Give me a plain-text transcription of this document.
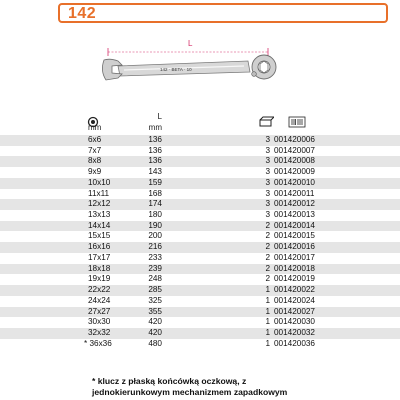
142
L
142 · BETA · 10
L
mm	mm
6x6	136	3 001420006
7x7	136	3 001420007
8x8	136	3 001420008
9x9	143	3 001420009
10x10	159	3 001420010
11x11	168	3 001420011
12x12	174	3 001420012
13x13	180	3 001420013
14x14	190	2 001420014
15x15	200	2 001420015
16x16	216	2 001420016
17x17	233	2 001420017
18x18	239	2 001420018
19x19	248	2 001420019
22x22	285	1 001420022
24x24	325	1 001420024
27x27	355	1 001420027
30x30	420	1 001420030
32x32	420	1 001420032
* 36x36	480	1 001420036
* klucz z płaską końcówką oczkową, z
jednokierunkowym mechanizmem zapadkowym
